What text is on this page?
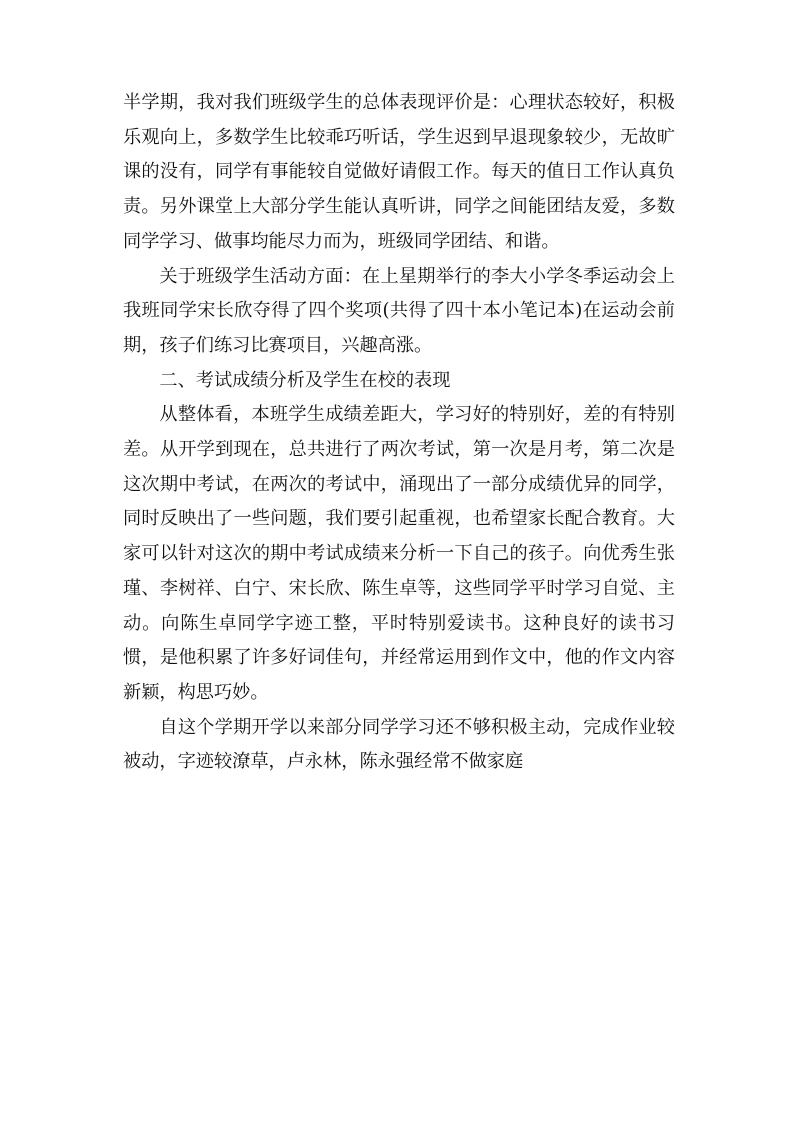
半学期，我对我们班级学生的总体表现评价是：心理状态较好，积极乐观向上，多数学生比较乖巧听话，学生迟到早退现象较少，无故旷课的没有，同学有事能较自觉做好请假工作。每天的值日工作认真负责。另外课堂上大部分学生能认真听讲，同学之间能团结友爱，多数同学学习、做事均能尽力而为，班级同学团结、和谐。

关于班级学生活动方面：在上星期举行的李大小学冬季运动会上我班同学宋长欣夺得了四个奖项(共得了四十本小笔记本)在运动会前期，孩子们练习比赛项目，兴趣高涨。

二、考试成绩分析及学生在校的表现

从整体看，本班学生成绩差距大，学习好的特别好，差的有特别差。从开学到现在，总共进行了两次考试，第一次是月考，第二次是这次期中考试，在两次的考试中，涌现出了一部分成绩优异的同学，同时反映出了一些问题，我们要引起重视，也希望家长配合教育。大家可以针对这次的期中考试成绩来分析一下自己的孩子。向优秀生张瑾、李树祥、白宁、宋长欣、陈生卓等，这些同学平时学习自觉、主动。向陈生卓同学字迹工整，平时特别爱读书。这种良好的读书习惯，是他积累了许多好词佳句，并经常运用到作文中，他的作文内容新颖，构思巧妙。

自这个学期开学以来部分同学学习还不够积极主动，完成作业较被动，字迹较潦草，卢永林，陈永强经常不做家庭
